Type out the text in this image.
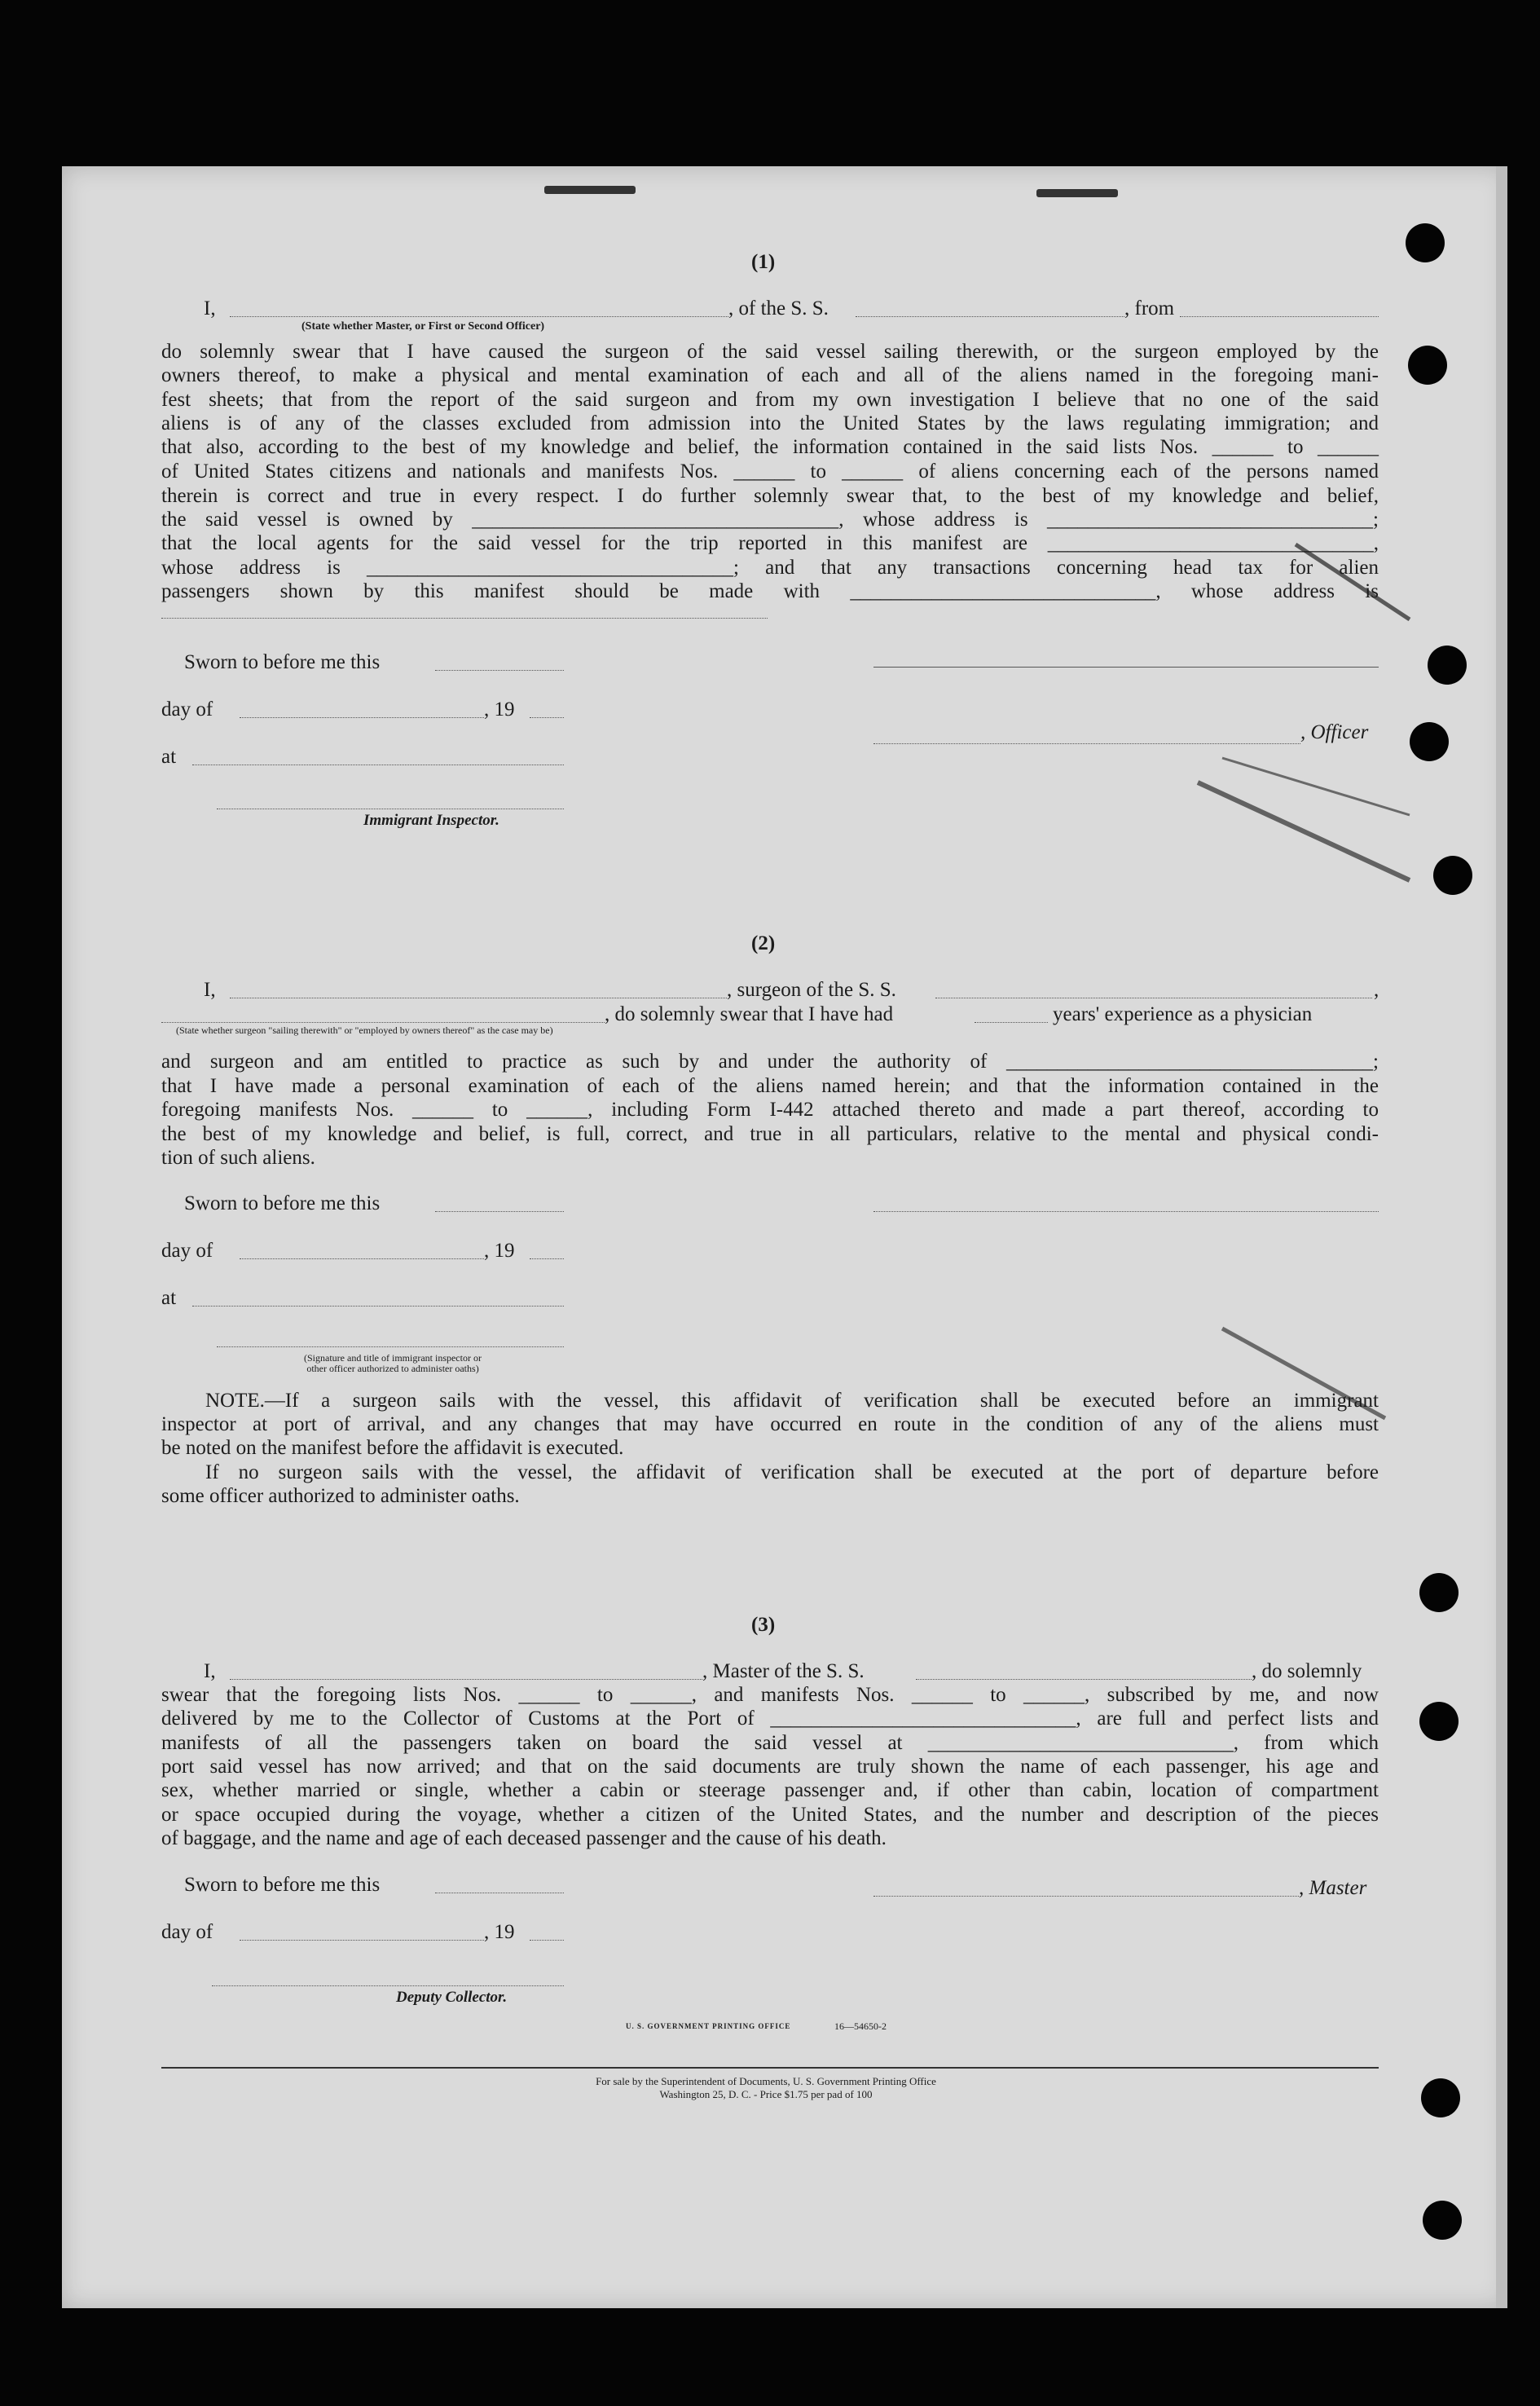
(1)
I,	, of the S. S.	, from
(State whether Master, or First or Second Officer)
do solemnly swear that I have caused the surgeon of the said vessel sailing therewith, or the surgeon employed by the
owners thereof, to make a physical and mental examination of each and all of the aliens named in the foregoing mani-
fest sheets; that from the report of the said surgeon and from my own investigation I believe that no one of the said
aliens is of any of the classes excluded from admission into the United States by the laws regulating immigration; and
that also, according to the best of my knowledge and belief, the information contained in the said lists Nos. ______ to ______
of United States citizens and nationals and manifests Nos. ______ to ______ of aliens concerning each of the persons named
therein is correct and true in every respect. I do further solemnly swear that, to the best of my knowledge and belief,
the said vessel is owned by ____________________________________, whose address is ________________________________;
that the local agents for the said vessel for the trip reported in this manifest are ________________________________,
whose address is ____________________________________; and that any transactions concerning head tax for alien
passengers shown by this manifest should be made with ______________________________, whose address is
Sworn to before me this
day of	, 19
, Officer
at
Immigrant Inspector.
(2)
I,	, surgeon of the S. S.	,
, do solemnly swear that I have had	years' experience as a physician
(State whether surgeon "sailing therewith" or "employed by owners thereof" as the case may be)
and surgeon and am entitled to practice as such by and under the authority of ____________________________________;
that I have made a personal examination of each of the aliens named herein; and that the information contained in the
foregoing manifests Nos. ______ to ______, including Form I-442 attached thereto and made a part thereof, according to
the best of my knowledge and belief, is full, correct, and true in all particulars, relative to the mental and physical condi-
tion of such aliens.
Sworn to before me this
day of	, 19
at
(Signature and title of immigrant inspector or
other officer authorized to administer oaths)
NOTE.—If a surgeon sails with the vessel, this affidavit of verification shall be executed before an immigrant
inspector at port of arrival, and any changes that may have occurred en route in the condition of any of the aliens must
be noted on the manifest before the affidavit is executed.
If no surgeon sails with the vessel, the affidavit of verification shall be executed at the port of departure before
some officer authorized to administer oaths.
(3)
I,	, Master of the S. S.	, do solemnly
swear that the foregoing lists Nos. ______ to ______, and manifests Nos. ______ to ______, subscribed by me, and now
delivered by me to the Collector of Customs at the Port of ______________________________, are full and perfect lists and
manifests of all the passengers taken on board the said vessel at ______________________________, from which
port said vessel has now arrived; and that on the said documents are truly shown the name of each passenger, his age and
sex, whether married or single, whether a cabin or steerage passenger and, if other than cabin, location of compartment
or space occupied during the voyage, whether a citizen of the United States, and the number and description of the pieces
of baggage, and the name and age of each deceased passenger and the cause of his death.
Sworn to before me this	, Master
day of	, 19
Deputy Collector.
U. S. GOVERNMENT PRINTING OFFICE	16—54650-2
For sale by the Superintendent of Documents, U. S. Government Printing Office
Washington 25, D. C. - Price $1.75 per pad of 100
